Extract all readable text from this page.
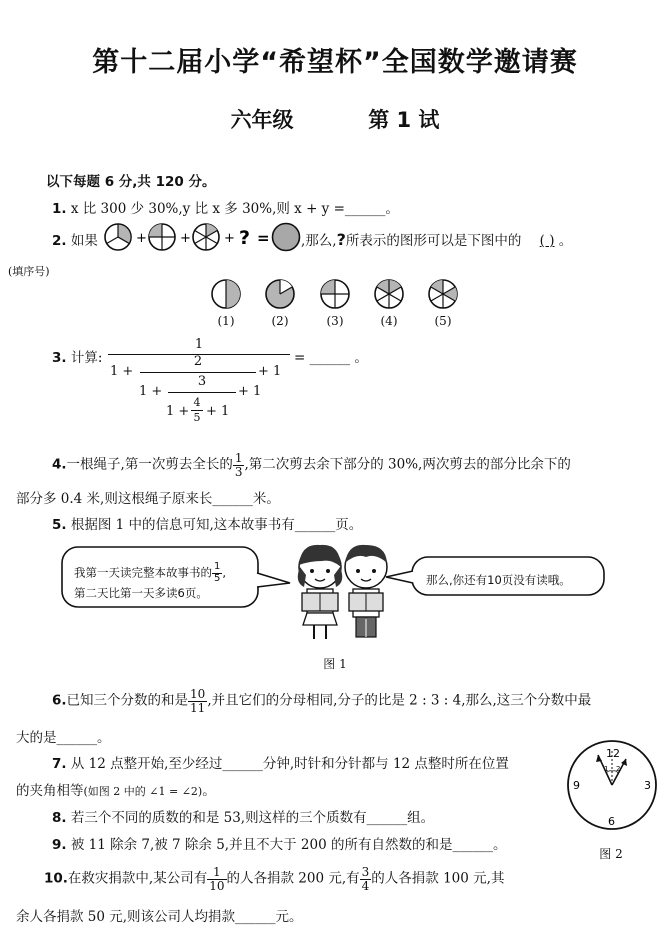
第十二届小学“希望杯”全国数学邀请赛
六年级	第 1 试
以下每题 6 分,共 120 分。
1. x 比 300 少 30%,y 比 x 多 30%,则 x + y =______。
2. 如果	+	+	+ ? = ,那么,?所表示的图形可以是下图中的 ( ) 。
(填序号)
(1)	(2)	(3)	(4)	(5)
3. 计算:
1
1 +	+ 1
2
1 +	+ 1
3
1 +
4
5 + 1
= ______ 。
4.一根绳子,第一次剪去全长的 $\frac{1}{3}$ ,第二次剪去余下部分的 30%,两次剪去的部分比余下的
部分多 0.4 米,则这根绳子原来长______米。
5. 根据图 1 中的信息可知,这本故事书有______页。
我第一天读完整本故事书的 $\frac{1}{5}$ ,
第二天比第一天多读6页。
那么,你还有10页没有读哦。
图 1
6.已知三个分数的和是 $\frac{10}{11}$ ,并且它们的分母相同,分子的比是 2 : 3 : 4,那么,这三个分数中最
大的是______。
7. 从 12 点整开始,至少经过______分钟,时针和分针都与 12 点整时所在位置
的夹角相等(如图 2 中的 ∠1 = ∠2)。
8. 若三个不同的质数的和是 53,则这样的三个质数有______组。
9. 被 11 除余 7,被 7 除余 5,并且不大于 200 的所有自然数的和是______。
12
3
6
9
1 2
图 2
10.在救灾捐款中,某公司有 $\frac{1}{10}$ 的人各捐款 200 元,有 $\frac{3}{4}$ 的人各捐款 100 元,其
余人各捐款 50 元,则该公司人均捐款______元。
